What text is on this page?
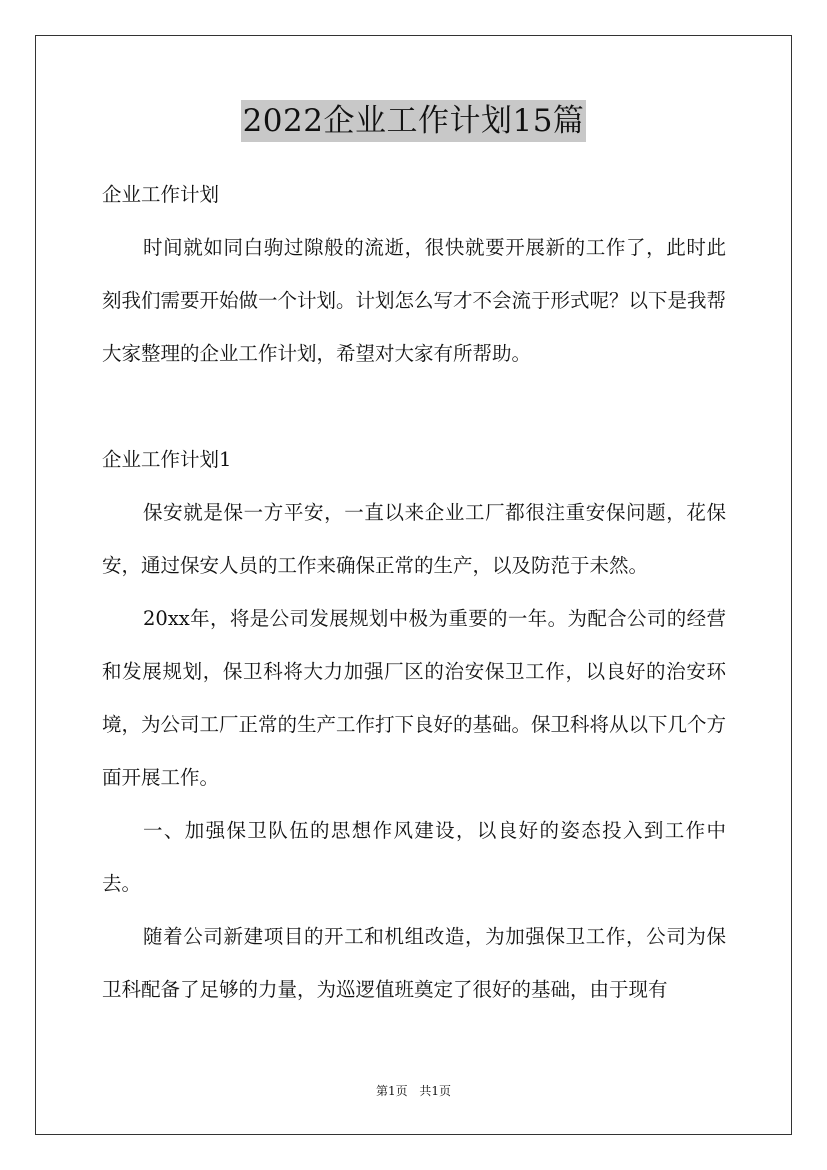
2022企业工作计划15篇

企业工作计划

时间就如同白驹过隙般的流逝，很快就要开展新的工作了，此时此刻我们需要开始做一个计划。计划怎么写才不会流于形式呢？以下是我帮大家整理的企业工作计划，希望对大家有所帮助。

企业工作计划1

保安就是保一方平安，一直以来企业工厂都很注重安保问题，花保安，通过保安人员的工作来确保正常的生产，以及防范于未然。

20xx年，将是公司发展规划中极为重要的一年。为配合公司的经营和发展规划，保卫科将大力加强厂区的治安保卫工作，以良好的治安环境，为公司工厂正常的生产工作打下良好的基础。保卫科将从以下几个方面开展工作。

一、加强保卫队伍的思想作风建设，以良好的姿态投入到工作中去。

随着公司新建项目的开工和机组改造，为加强保卫工作，公司为保卫科配备了足够的力量，为巡逻值班奠定了很好的基础，由于现有

第1页 共1页
